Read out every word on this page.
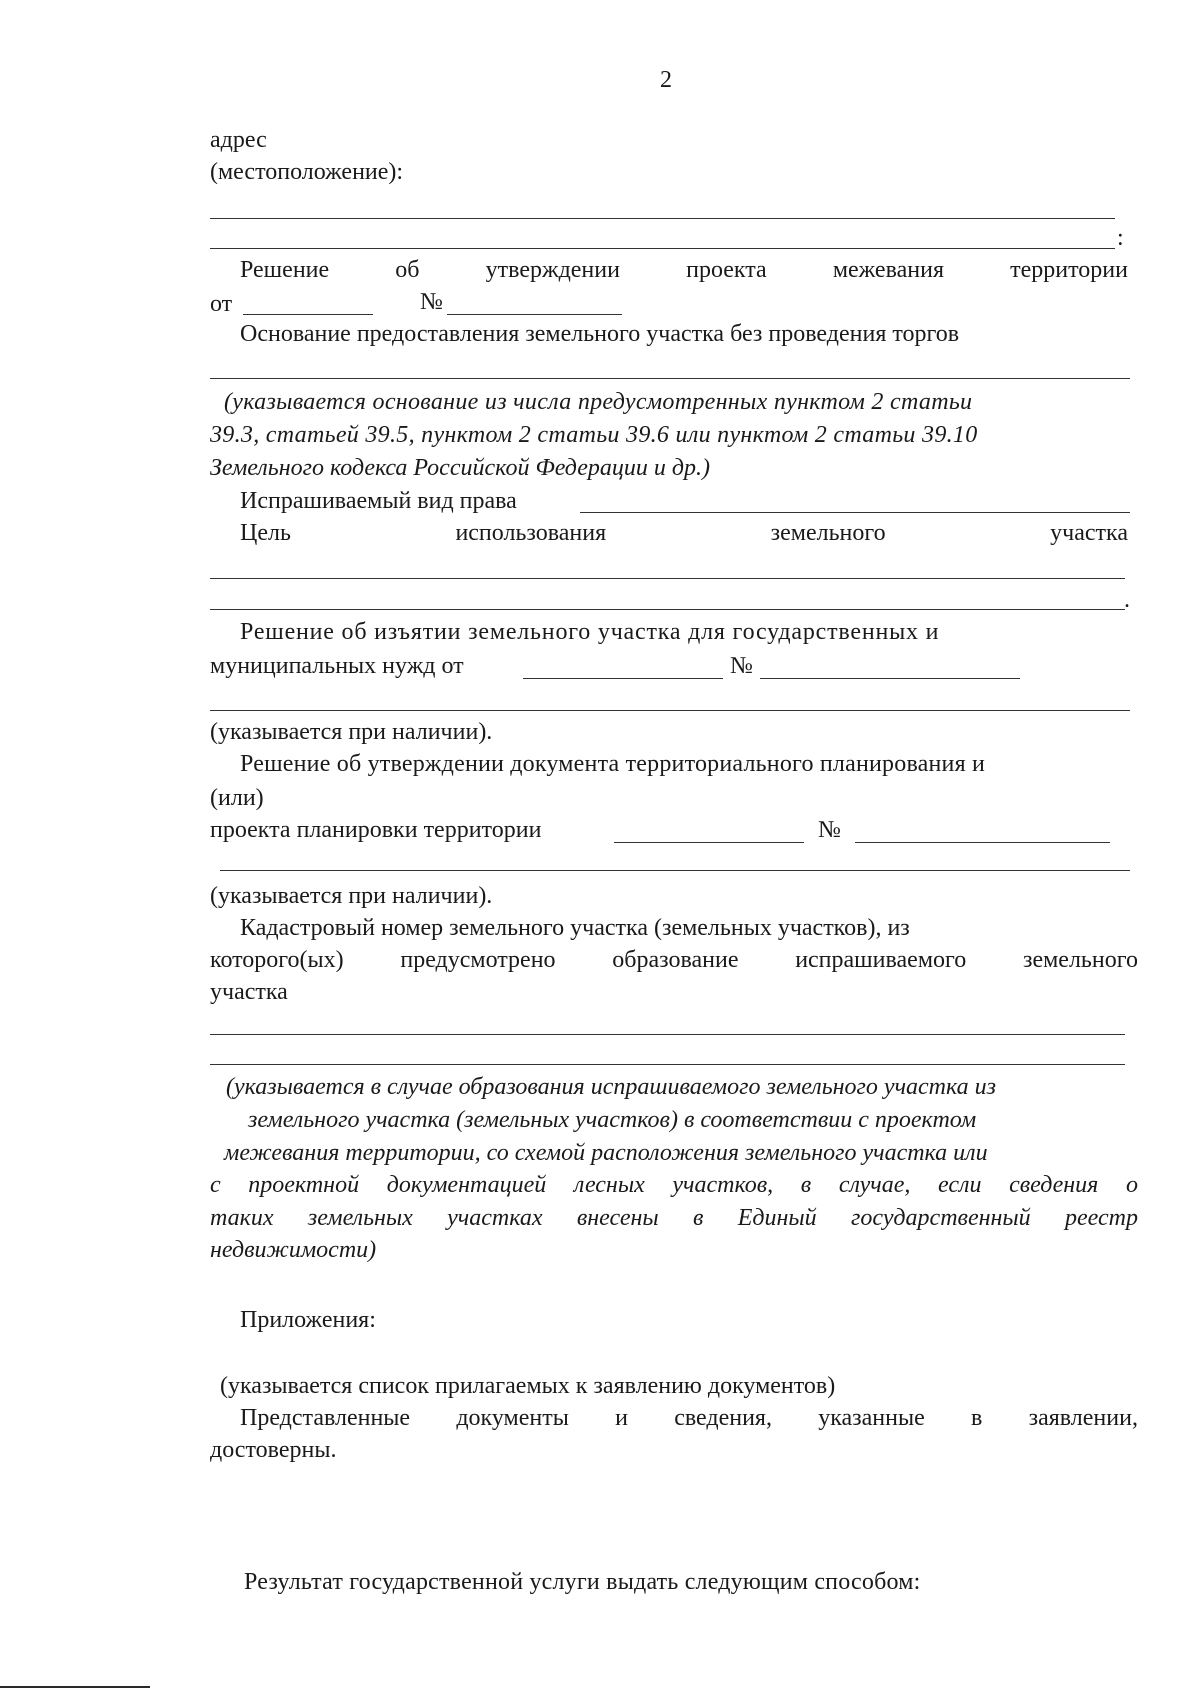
2
адрес
(местоположение):
:
Решение	об	утверждении	проекта	межевания	территории
от	№
Основание предоставления земельного участка без проведения торгов
(указывается основание из числа предусмотренных пунктом 2 статьи
39.3, статьей 39.5, пунктом 2 статьи 39.6 или пунктом 2 статьи 39.10
Земельного кодекса Российской Федерации и др.)
Испрашиваемый вид права
Цель	использования	земельного	участка
.
Решение об изъятии земельного участка для государственных и
муниципальных нужд от	№
(указывается при наличии).
Решение об утверждении документа территориального планирования и
(или)
проекта планировки территории	№
(указывается при наличии).
Кадастровый номер земельного участка (земельных участков), из
которого(ых) предусмотрено образование испрашиваемого земельного
участка
(указывается в случае образования испрашиваемого земельного участка из
земельного участка (земельных участков) в соответствии с проектом
межевания территории, со схемой расположения земельного участка или
с проектной документацией лесных участков, в случае, если сведения о
таких земельных участках внесены в Единый государственный реестр
недвижимости)
Приложения:
(указывается список прилагаемых к заявлению документов)
Представленные документы и сведения, указанные в заявлении,
достоверны.
Результат государственной услуги выдать следующим способом:
